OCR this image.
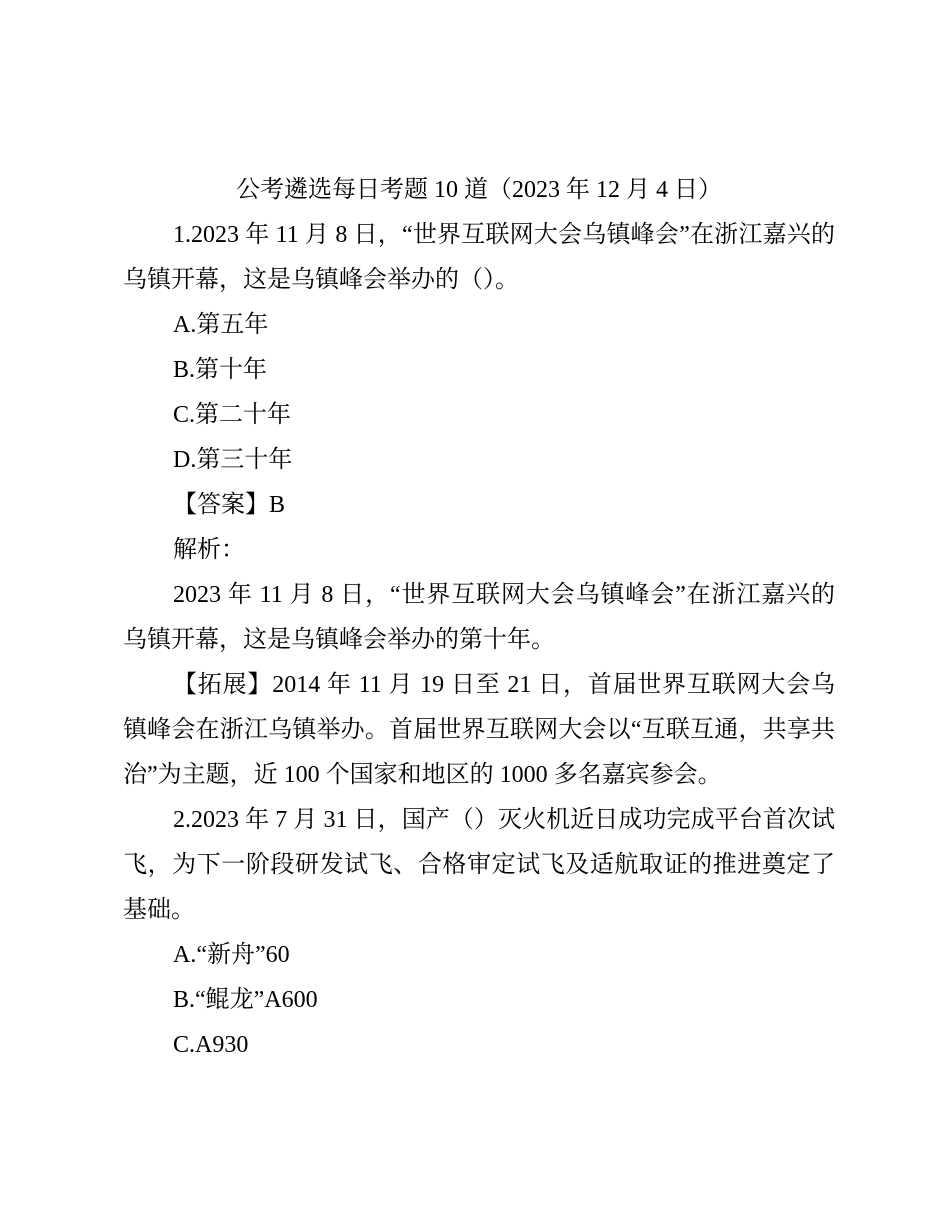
公考遴选每日考题 10 道（2023 年 12 月 4 日）

1.2023 年 11 月 8 日，“世界互联网大会乌镇峰会”在浙江嘉兴的乌镇开幕，这是乌镇峰会举办的（）。

A.第五年

B.第十年

C.第二十年

D.第三十年

【答案】B

解析：

2023 年 11 月 8 日，“世界互联网大会乌镇峰会”在浙江嘉兴的乌镇开幕，这是乌镇峰会举办的第十年。

【拓展】2014 年 11 月 19 日至 21 日，首届世界互联网大会乌镇峰会在浙江乌镇举办。首届世界互联网大会以“互联互通，共享共治”为主题，近 100 个国家和地区的 1000 多名嘉宾参会。

2.2023 年 7 月 31 日，国产（）灭火机近日成功完成平台首次试飞，为下一阶段研发试飞、合格审定试飞及适航取证的推进奠定了基础。

A.“新舟”60

B.“鲲龙”A600

C.A930
